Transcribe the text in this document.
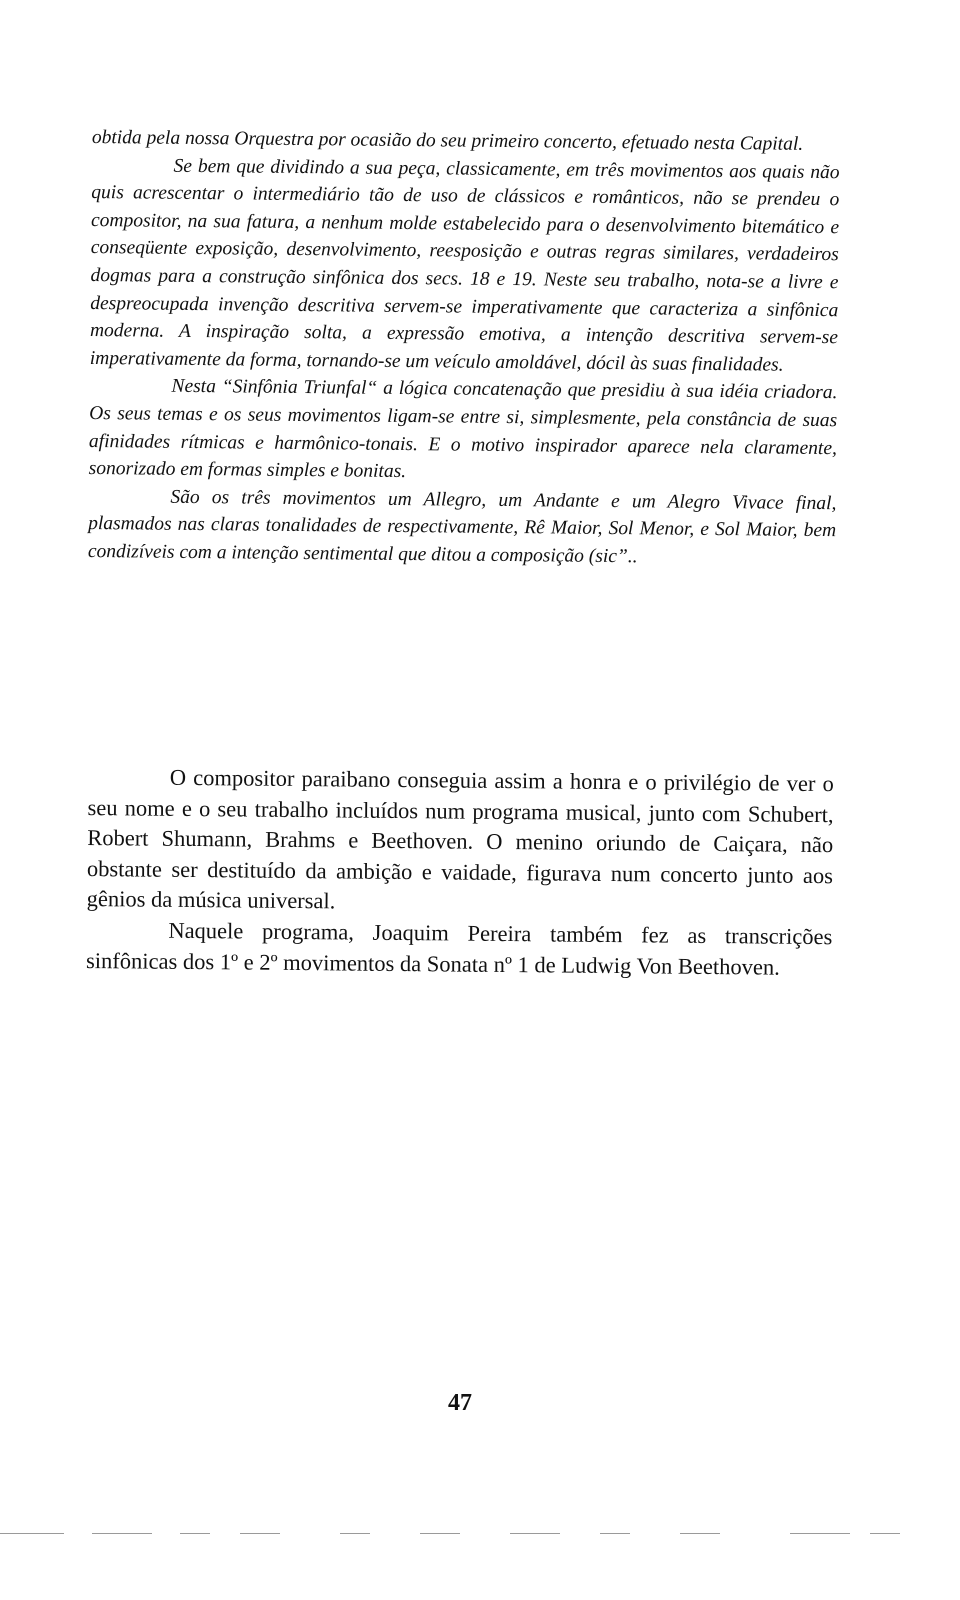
obtida pela nossa Orquestra por ocasião do seu primeiro concerto, efetuado nesta Capital.

Se bem que dividindo a sua peça, classicamente, em três movimentos aos quais não quis acrescentar o intermediário tão de uso de clássicos e românticos, não se prendeu o compositor, na sua fatura, a nenhum molde estabelecido para o desenvolvimento bitemático e conseqüente exposição, desenvolvimento, reesposição e outras regras similares, verdadeiros dogmas para a construção sinfônica dos secs. 18 e 19. Neste seu trabalho, nota-se a livre e despreocupada invenção descritiva servem-se imperativamente que caracteriza a sinfônica moderna. A inspiração solta, a expressão emotiva, a intenção descritiva servem-se imperativamente da forma, tornando-se um veículo amoldável, dócil às suas finalidades.

Nesta “Sinfônia Triunfal“ a lógica concatenação que presidiu à sua idéia criadora. Os seus temas e os seus movimentos ligam-se entre si, simplesmente, pela constância de suas afinidades rítmicas e harmônico-tonais. E o motivo inspirador aparece nela claramente, sonorizado em formas simples e bonitas.

São os três movimentos um Allegro, um Andante e um Alegro Vivace final, plasmados nas claras tonalidades de respectivamente, Rê Maior, Sol Menor, e Sol Maior, bem condizíveis com a intenção sentimental que ditou a composição (sic”..

O compositor paraibano conseguia assim a honra e o privilégio de ver o seu nome e o seu trabalho incluídos num programa musical, junto com Schubert, Robert Shumann, Brahms e Beethoven. O menino oriundo de Caiçara, não obstante ser destituído da ambição e vaidade, figurava num concerto junto aos gênios da música universal.

Naquele programa, Joaquim Pereira também fez as transcrições sinfônicas dos 1º e 2º movimentos da Sonata nº 1 de Ludwig Von Beethoven.

47
